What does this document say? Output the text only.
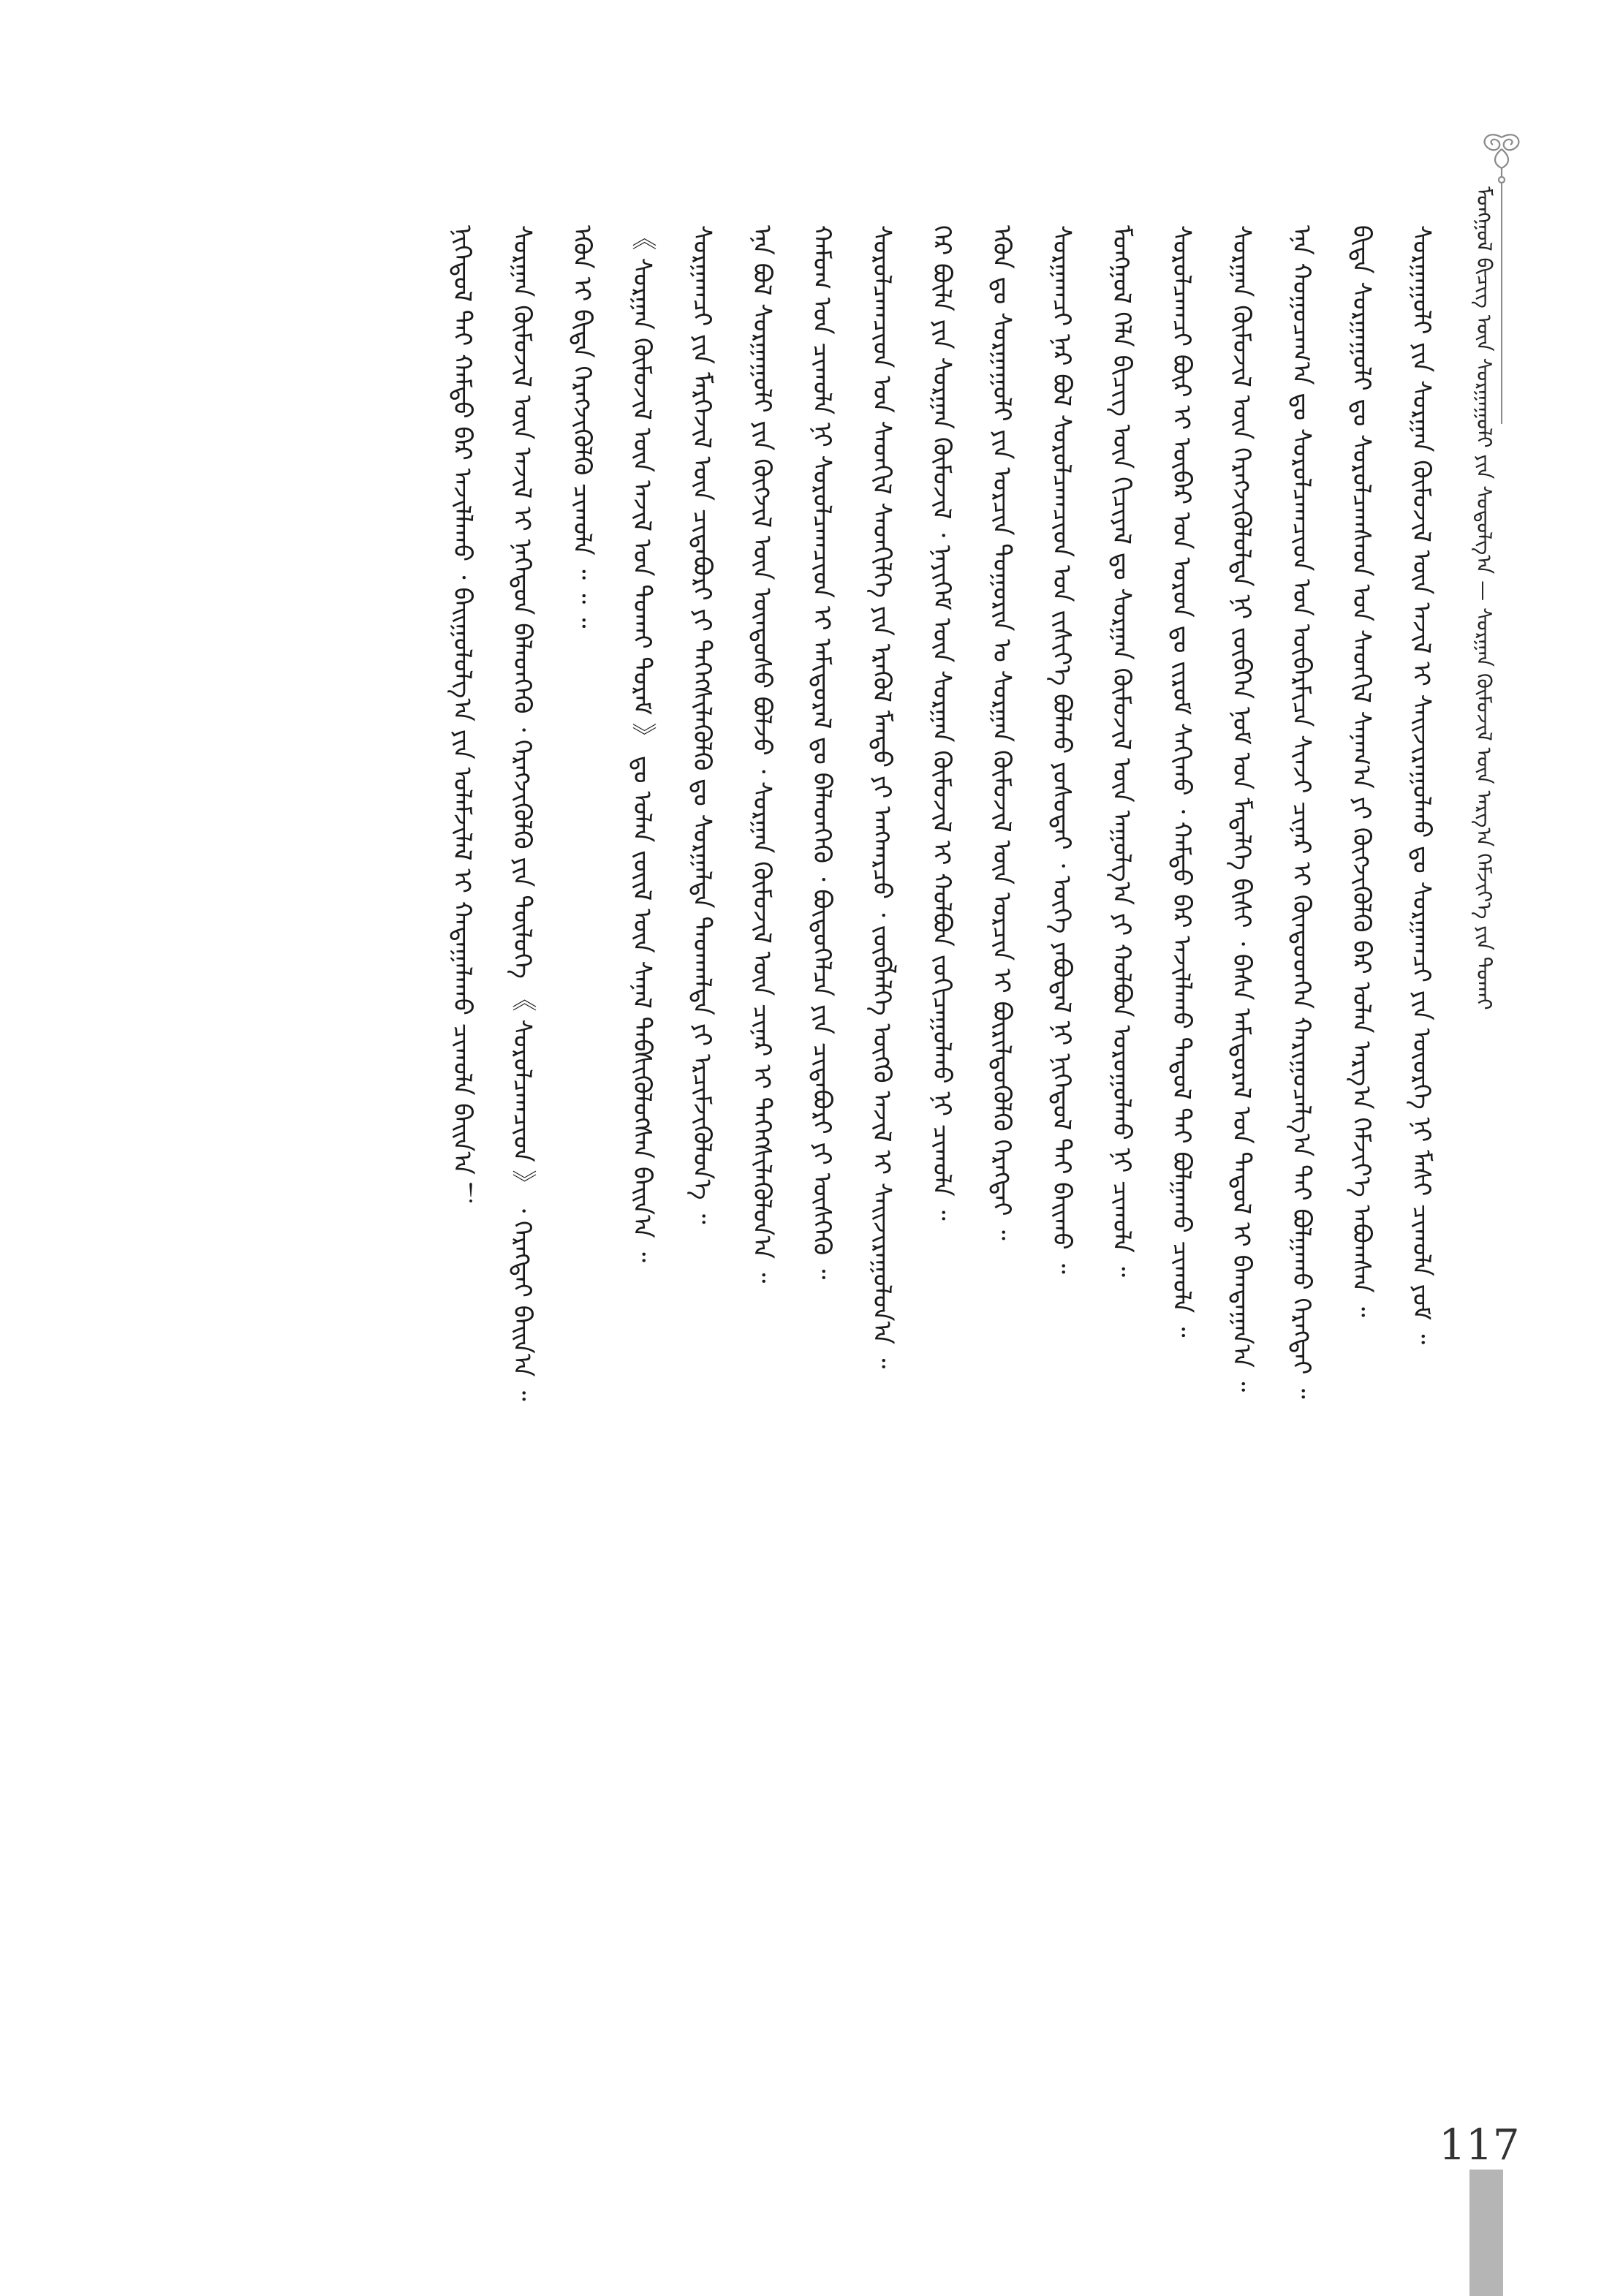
ᠮᠣᠩᠭᠣᠯ ᠪᠢᠴᠢᠭ ᠦᠨ ᠰᠤᠷᠭᠠᠭᠤᠯᠢ ᠶᠢᠨ ᠰᠤᠳᠤᠯᠭ᠎ᠠ — ᠰᠤᠷᠭᠠᠨ ᠬᠦᠮᠦᠵᠢᠯ ᠦᠨ ᠠᠷᠭ᠎ᠠ ᠬᠡᠮᠵᠢᠶ᠎ᠡ ᠶᠢᠨ ᠲᠤᠬᠠᠢ
ᠰᠤᠷᠭᠠᠭᠤᠯᠢ ᠶᠢᠨ ᠰᠤᠷᠭᠠᠨ ᠬᠦᠮᠦᠵᠢᠯ ᠦᠨ ᠠᠵᠢᠯ ᠢ ᠰᠠᠢᠵᠢᠷᠠᠭᠤᠯᠬᠤ ᠳᠤ ᠰᠤᠷᠭᠠᠭᠴᠢ ᠶᠢᠨ ᠦᠦᠷᠭᠡ ᠨᠢ ᠮᠠᠰᠢ ᠴᠢᠬᠤᠯᠠ ᠶᠤᠮ ᠃
ᠪᠢᠳᠡ ᠰᠤᠷᠭᠠᠭᠤᠯᠢ ᠳᠤ ᠰᠤᠷᠤᠯᠴᠠᠭᠰᠠᠳ ᠤᠨ ᠰᠡᠳᠬᠢᠯ ᠰᠠᠨᠠᠭ᠎ᠠ ᠶᠢ ᠬᠥᠭᠵᠢᠭᠦᠯᠬᠦ ᠪᠡᠷ ᠣᠯᠠᠨ ᠠᠷᠭ᠎ᠠ ᠬᠡᠮᠵᠢᠶ᠎ᠡ ᠠᠪᠤᠭᠰᠠᠨ ᠃
ᠡᠨᠡ ᠬᠤᠭᠤᠴᠠᠭ᠎ᠠ ᠳᠤ ᠰᠤᠷᠤᠯᠴᠠᠭᠴᠢᠳ ᠤᠨ ᠥᠪᠡᠷᠮᠢᠴᠡ ᠰᠢᠨᠵᠢ ᠴᠢᠨᠠᠷ ᠢ ᠬᠦᠨᠳᠦᠳᠬᠡᠨ ᠬᠠᠷᠢᠭᠤᠴᠠᠯᠭ᠎ᠠ ᠲᠠᠢ ᠪᠣᠯᠭᠠᠬᠤ ᠬᠡᠷᠡᠭᠲᠡᠢ ᠃
ᠰᠤᠷᠭᠠᠨ ᠬᠦᠮᠦᠵᠢᠯ ᠦᠨ ᠬᠡᠷᠡᠭᠵᠢᠭᠦᠯᠦᠯᠲᠡ ᠨᠢ ᠵᠥᠪᠬᠡᠨ ᠨᠣᠮ ᠤᠨ ᠮᠡᠳᠡᠯᠭᠡ ᠪᠢᠰᠢ ᠂ ᠪᠠᠰᠠ ᠠᠮᠢᠳᠤᠷᠠᠯ ᠤᠨ ᠳᠠᠳᠤᠯ ᠢ ᠪᠠᠭᠲᠠᠭᠠᠨ᠎ᠠ ᠃
ᠰᠤᠷᠤᠯᠴᠠᠭᠴᠢ ᠪᠦᠷ ᠢ ᠥᠪᠡᠷ ᠤᠨ ᠤᠷᠤᠨ ᠳᠤ ᠵᠢᠷᠤᠮ ᠰᠠᠬᠢᠬᠤ ᠂ ᠬᠠᠮᠲᠤ ᠪᠡᠷ ᠠᠵᠢᠯᠯᠠᠬᠤ ᠳᠠᠳᠤᠯ ᠲᠠᠢ ᠪᠣᠯᠭᠠᠬᠤ ᠴᠢᠬᠤᠯᠠ ᠃
ᠮᠣᠩᠭᠣᠯ ᠬᠡᠯᠡ ᠪᠢᠴᠢᠭ ᠦᠨ ᠬᠢᠴᠢᠶᠡᠯ ᠳᠤ ᠰᠤᠷᠭᠠᠨ ᠬᠦᠮᠦᠵᠢᠯ ᠦᠨ ᠠᠭᠤᠯᠭ᠎ᠠ ᠶᠢ ᠬᠣᠯᠪᠣᠨ ᠣᠷᠣᠭᠤᠯᠬᠤ ᠨᠢ ᠴᠢᠬᠤᠯᠠ ᠃
ᠰᠤᠷᠭᠠᠭᠴᠢ ᠨᠠᠷ ᠪᠣᠯ ᠰᠤᠷᠤᠯᠴᠠᠭᠴᠢᠳ ᠤᠨ ᠵᠢᠱᠢᠶ᠎ᠡ ᠪᠣᠯᠬᠤ ᠶᠣᠰᠤᠲᠠᠢ ᠂ ᠦᠭᠡ ᠶᠠᠪᠤᠳᠠᠯ ᠨᠢ ᠨᠢᠭᠡᠳᠦᠯ ᠲᠠᠢ ᠪᠠᠢᠬᠤ ᠃
ᠡᠭᠦᠨ ᠳᠤ ᠰᠤᠷᠭᠠᠭᠤᠯᠢ ᠶᠢᠨ ᠣᠷᠴᠢᠨ ᠲᠣᠭᠣᠷᠢᠨ ᠤ ᠰᠤᠷᠭᠠᠨ ᠬᠦᠮᠦᠵᠢᠯ ᠦᠨ ᠣᠷᠴᠢᠨ ᠢ ᠪᠦᠷᠢᠯᠳᠦᠭᠦᠯᠬᠦ ᠬᠡᠷᠡᠭᠲᠡᠢ ᠃
ᠭᠡᠷ ᠪᠦᠯᠡ ᠶᠢᠨ ᠰᠤᠷᠭᠠᠨ ᠬᠦᠮᠦᠵᠢᠯ ᠂ ᠨᠡᠶᠢᠭᠡᠮ ᠦᠨ ᠰᠤᠷᠭᠠᠨ ᠬᠦᠮᠦᠵᠢᠯ ᠢ ᠬᠣᠯᠪᠣᠨ ᠵᠣᠬᠢᠴᠠᠭᠤᠯᠬᠤ ᠨᠢ ᠴᠢᠬᠤᠯᠠ ᠃
ᠰᠤᠷᠤᠯᠴᠠᠭᠴᠢᠳ ᠤᠨ ᠰᠡᠳᠬᠢᠯ ᠰᠡᠳᠬᠢᠯᠭᠡ ᠶᠢᠨ ᠡᠷᠡᠭᠦᠯ ᠮᠡᠨᠳᠦ ᠶᠢ ᠠᠩᠬᠠᠷᠴᠤ ᠂ ᠵᠥᠪᠯᠡᠯᠭᠡ ᠥᠭᠬᠦ ᠠᠵᠢᠯ ᠢ ᠰᠠᠢᠵᠢᠷᠠᠭᠤᠯᠤᠨ᠎ᠠ ᠃
ᠬᠠᠮᠤᠭ ᠤᠨ ᠴᠢᠬᠤᠯᠠ ᠨᠢ ᠰᠤᠷᠤᠯᠴᠠᠭᠴᠢᠳ ᠢ ᠠᠮᠢᠳᠤᠷᠠᠯ ᠳᠤ ᠪᠡᠯᠡᠳᠬᠡᠬᠦ ᠂ ᠪᠦᠲᠦᠭᠡᠯᠴᠡ ᠶᠢᠨ ᠴᠢᠳᠠᠪᠤᠷᠢ ᠶᠢ ᠥᠰᠬᠡᠬᠦ ᠃
ᠡᠨᠡ ᠪᠣᠯ ᠰᠤᠷᠭᠠᠭᠤᠯᠢ ᠶᠢᠨ ᠬᠥᠭᠵᠢᠯ ᠦᠨ ᠦᠨᠳᠦᠰᠦ ᠪᠣᠯᠵᠤ ᠂ ᠰᠤᠷᠭᠠᠨ ᠬᠦᠮᠦᠵᠢᠯ ᠦᠨ ᠴᠢᠨᠠᠷ ᠢ ᠳᠡᠭᠡᠭᠰᠢᠯᠡᠭᠦᠯᠦᠨ᠎ᠠ ᠃
ᠰᠤᠷᠭᠠᠭᠴᠢ ᠶᠢᠨ ᠮᠡᠷᠭᠡᠵᠢᠯ ᠦᠨ ᠴᠢᠳᠠᠪᠤᠷᠢ ᠶᠢ ᠳᠡᠭᠡᠭᠰᠢᠯᠡᠭᠦᠯᠬᠦ ᠳᠤ ᠰᠤᠷᠭᠠᠯᠲᠠ ᠳᠠᠳᠬᠠᠯᠲᠠ ᠶᠢ ᠡᠷᠴᠢᠮᠵᠢᠭᠦᠯᠦᠨ᠎ᠡ ᠃
《 ᠰᠤᠷᠭᠠᠨ ᠬᠦᠮᠦᠵᠢᠯ ᠦᠨ ᠠᠵᠢᠯ ᠤᠨ ᠲᠤᠬᠠᠢ ᠳᠤᠷᠠᠮ 》 ᠳᠤ ᠣᠯᠠᠨ ᠵᠦᠢᠯ ᠦᠨ ᠰᠠᠨᠠᠯ ᠳᠡᠪᠰᠢᠭᠦᠯᠦᠭᠰᠡᠨ ᠪᠠᠢᠨ᠎ᠠ ᠃
ᠡᠭᠦᠨ ᠢ ᠪᠢᠳᠡ ᠬᠡᠷᠡᠭᠵᠢᠭᠦᠯᠬᠦ ᠴᠢᠬᠤᠯᠠ ᠃ ᠃ ᠃
ᠰᠤᠷᠭᠠᠨ ᠬᠦᠮᠦᠵᠢᠯ ᠦᠨ ᠠᠵᠢᠯ ᠢ ᠨᠡᠭᠡᠳᠦᠨ ᠪᠡᠯᠡᠳᠬᠡᠬᠦ ᠂ ᠬᠡᠷᠡᠭᠵᠢᠭᠦᠯᠬᠦ ᠶᠢᠨ ᠲᠥᠯᠦᠭᠡ 《 ᠰᠤᠷᠤᠯᠴᠠᠭᠴᠢᠳ 》 ᠂ ᠬᠡᠷᠡᠭᠲᠡᠢ ᠪᠠᠢᠨ᠎ᠠ ᠃
ᠨᠢᠭᠡᠳᠦᠯ ᠲᠡᠢ ᠬᠠᠮᠲᠤ ᠪᠡᠷ ᠠᠵᠢᠯᠯᠠᠬᠤ ᠂ ᠪᠠᠢᠭᠤᠯᠤᠯᠭ᠎ᠠ ᠶᠢᠨ ᠤᠯᠠᠮᠵᠢᠯᠠᠯ ᠢ ᠬᠠᠳᠠᠭᠠᠯᠠᠬᠤ ᠴᠢᠬᠤᠯᠠ ᠪᠠᠢᠨ᠎ᠠ ！
117
